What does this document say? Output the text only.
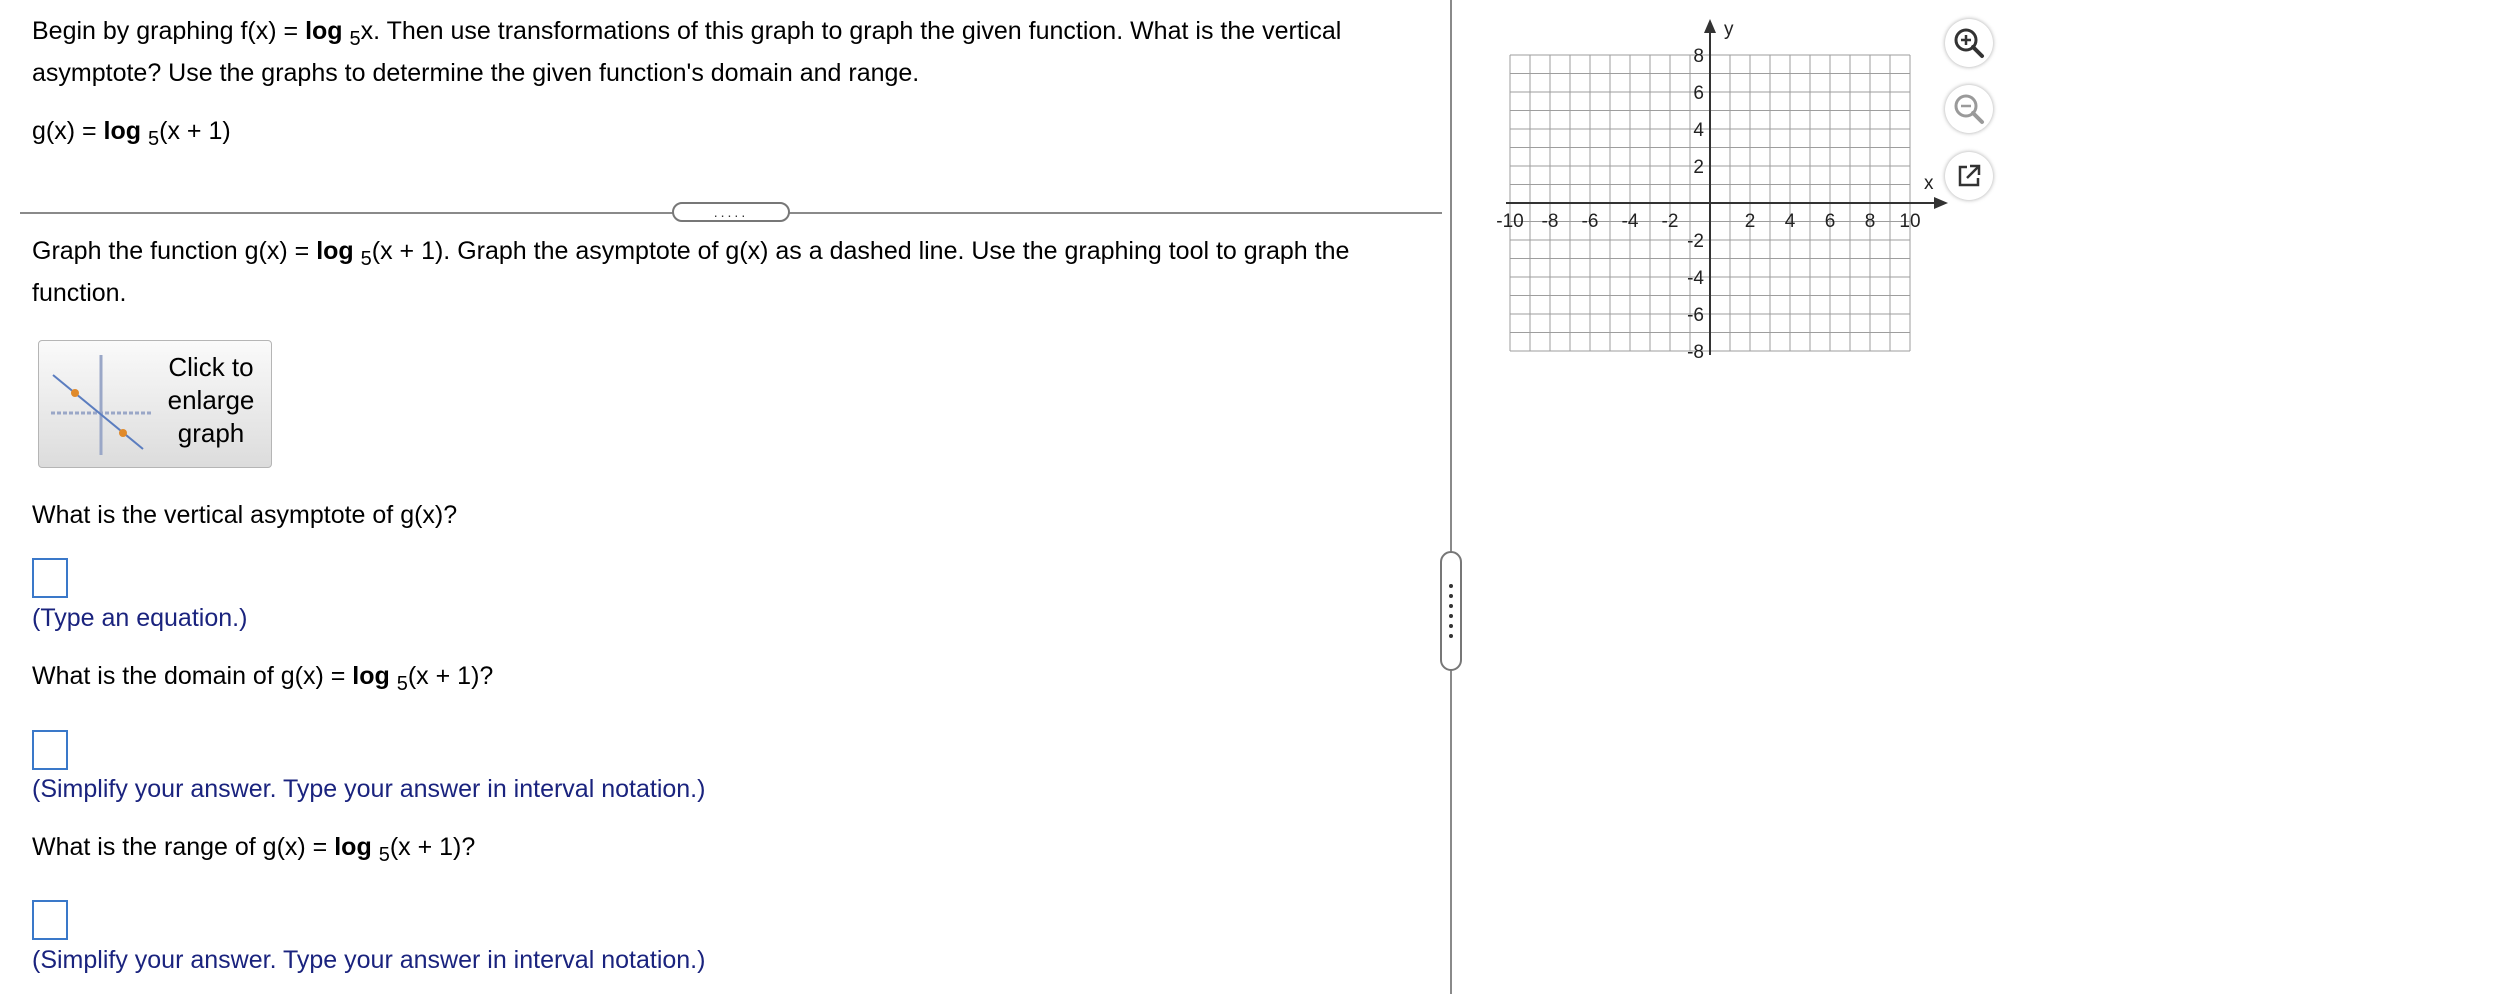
Begin by graphing f(x) = log $_5$x. Then use transformations of this graph to graph the given function. What is the vertical
asymptote? Use the graphs to determine the given function's domain and range.
g(x) = log $_5$(x + 1)
.....
Graph the function g(x) = log $_5$(x + 1). Graph the asymptote of g(x) as a dashed line. Use the graphing tool to graph the
function.
Click to enlarge graph
What is the vertical asymptote of g(x)?
(Type an equation.)
What is the domain of g(x) = log $_5$(x + 1)?
(Simplify your answer. Type your answer in interval notation.)
What is the range of g(x) = log $_5$(x + 1)?
(Simplify your answer. Type your answer in interval notation.)
-10 -8 -6 -4 -2	2 4 6 8 10
8
6
4
2
-2
-4
-6
-8
x
y
